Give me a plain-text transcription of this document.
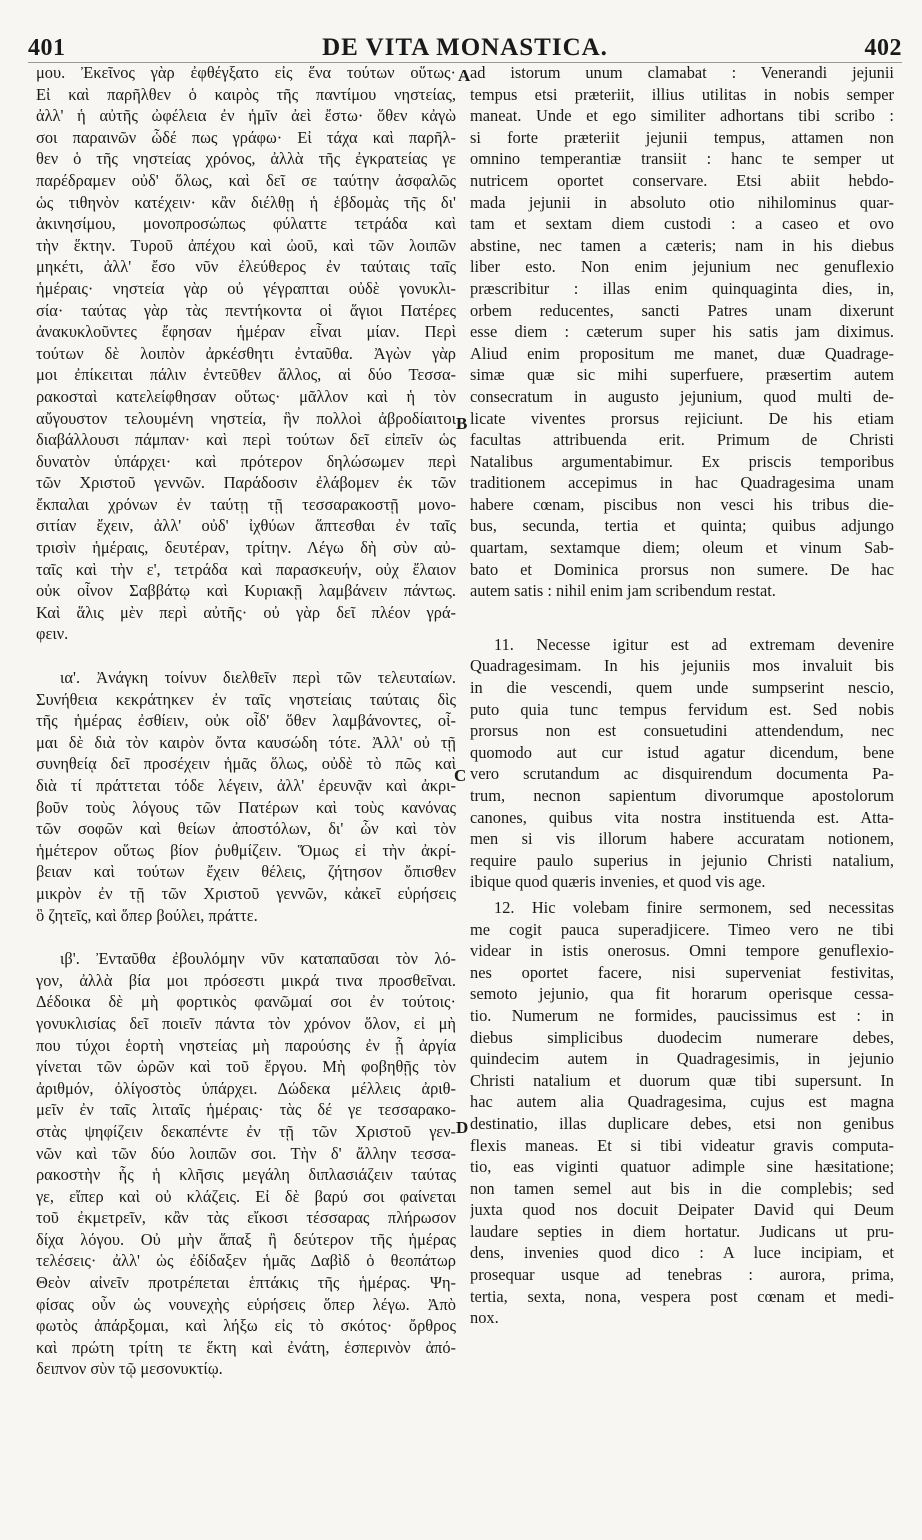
401	DE VITA MONASTICA.	402
μου. Ἐκεῖνος γὰρ ἐφθέγξατο εἰς ἕνα τούτων οὕτως·
Εἰ καὶ παρῆλθεν ὁ καιρὸς τῆς παντίμου νηστείας,
ἀλλ' ἡ αὐτῆς ὠφέλεια ἐν ἡμῖν ἀεὶ ἔστω· ὅθεν κἀγὼ
σοι παραινῶν ὧδέ πως γράφω· Εἰ τάχα καὶ παρῆλ-
θεν ὁ τῆς νηστείας χρόνος, ἀλλὰ τῆς ἐγκρατείας γε
παρέδραμεν οὐδ' ὅλως, καὶ δεῖ σε ταύτην ἀσφαλῶς
ὡς τιθηνὸν κατέχειν· κἂν διέλθῃ ἡ ἑβδομὰς τῆς δι'
ἀκινησίμου, μονοπροσώπως φύλαττε τετράδα καὶ
τὴν ἕκτην. Τυροῦ ἀπέχου καὶ ὠοῦ, καὶ τῶν λοιπῶν
μηκέτι, ἀλλ' ἔσο νῦν ἐλεύθερος ἐν ταύταις ταῖς
ἡμέραις· νηστεία γὰρ οὐ γέγραπται οὐδὲ γονυκλι-
σία· ταύτας γὰρ τὰς πεντήκοντα οἱ ἅγιοι Πατέρες
ἀνακυκλοῦντες ἔφησαν ἡμέραν εἶναι μίαν. Περὶ
τούτων δὲ λοιπὸν ἀρκέσθητι ἐνταῦθα. Ἀγὼν γὰρ
μοι ἐπίκειται πάλιν ἐντεῦθεν ἄλλος, αἱ δύο Τεσσα-
ρακοσταὶ κατελείφθησαν οὕτως· μᾶλλον καὶ ἡ τὸν
αὔγουστον τελουμένη νηστεία, ἣν πολλοὶ ἀβροδίαιτοι
διαβάλλουσι πάμπαν· καὶ περὶ τούτων δεῖ εἰπεῖν ὡς
δυνατὸν ὑπάρχει· καὶ πρότερον δηλώσωμεν περὶ
τῶν Χριστοῦ γεννῶν. Παράδοσιν ἐλάβομεν ἐκ τῶν
ἔκπαλαι χρόνων ἐν ταύτῃ τῇ τεσσαρακοστῇ μονο-
σιτίαν ἔχειν, ἀλλ' οὐδ' ἰχθύων ἅπτεσθαι ἐν ταῖς
τρισὶν ἡμέραις, δευτέραν, τρίτην. Λέγω δὴ σὺν αὐ-
ταῖς καὶ τὴν ε', τετράδα καὶ παρασκευήν, οὐχ ἔλαιον
οὐκ οἶνον Σαββάτῳ καὶ Κυριακῇ λαμβάνειν πάντως.
Καὶ ἅλις μὲν περὶ αὐτῆς· οὐ γὰρ δεῖ πλέον γρά-
φειν.
ια'. Ἀνάγκη τοίνυν διελθεῖν περὶ τῶν τελευταίων.
Συνήθεια κεκράτηκεν ἐν ταῖς νηστείαις ταύταις δὶς
τῆς ἡμέρας ἐσθίειν, οὐκ οἶδ' ὅθεν λαμβάνοντες, οἶ-
μαι δὲ διὰ τὸν καιρὸν ὄντα καυσώδη τότε. Ἀλλ' οὐ τῇ
συνηθείᾳ δεῖ προσέχειν ἡμᾶς ὅλως, οὐδὲ τὸ πῶς καὶ
διὰ τί πράττεται τόδε λέγειν, ἀλλ' ἐρευνᾷν καὶ ἀκρι-
βοῦν τοὺς λόγους τῶν Πατέρων καὶ τοὺς κανόνας
τῶν σοφῶν καὶ θείων ἀποστόλων, δι' ὧν καὶ τὸν
ἡμέτερον οὕτως βίον ῥυθμίζειν. Ὅμως εἰ τὴν ἀκρί-
βειαν καὶ τούτων ἔχειν θέλεις, ζήτησον ὄπισθεν
μικρὸν ἐν τῇ τῶν Χριστοῦ γεννῶν, κἀκεῖ εὑρήσεις
ὃ ζητεῖς, καὶ ὅπερ βούλει, πράττε.
ιβ'. Ἐνταῦθα ἐβουλόμην νῦν καταπαῦσαι τὸν λό-
γον, ἀλλὰ βία μοι πρόσεστι μικρά τινα προσθεῖναι.
Δέδοικα δὲ μὴ φορτικὸς φανῶμαί σοι ἐν τούτοις·
γονυκλισίας δεῖ ποιεῖν πάντα τὸν χρόνον ὅλον, εἰ μὴ
που τύχοι ἑορτὴ νηστείας μὴ παρούσης ἐν ᾗ ἀργία
γίνεται τῶν ὡρῶν καὶ τοῦ ἔργου. Μὴ φοβηθῇς τὸν
ἀριθμόν, ὀλίγοστὸς ὑπάρχει. Δώδεκα μέλλεις ἀριθ-
μεῖν ἐν ταῖς λιταῖς ἡμέραις· τὰς δέ γε τεσσαρακο-
στὰς ψηφίζειν δεκαπέντε ἐν τῇ τῶν Χριστοῦ γεν-
νῶν καὶ τῶν δύο λοιπῶν σοι. Τὴν δ' ἄλλην τεσσα-
ρακοστὴν ἧς ἡ κλῆσις μεγάλη διπλασιάζειν ταύτας
γε, εἴπερ καὶ οὐ κλάζεις. Εἰ δὲ βαρύ σοι φαίνεται
τοῦ ἐκμετρεῖν, κἂν τὰς εἴκοσι τέσσαρας πλήρωσον
δίχα λόγου. Οὐ μὴν ἅπαξ ἢ δεύτερον τῆς ἡμέρας
τελέσεις· ἀλλ' ὡς ἐδίδαξεν ἡμᾶς Δαβὶδ ὁ θεοπάτωρ
Θεὸν αἰνεῖν προτρέπεται ἑπτάκις τῆς ἡμέρας. Ψη-
φίσας οὖν ὡς νουνεχὴς εὑρήσεις ὅπερ λέγω. Ἀπὸ
φωτὸς ἀπάρξομαι, καὶ λήξω εἰς τὸ σκότος· ὄρθρος
καὶ πρώτη τρίτη τε ἕκτη καὶ ἐνάτη, ἑσπερινὸν ἀπό-
δειπνον σὺν τῷ μεσονυκτίῳ.
ad istorum unum clamabat : Venerandi jejunii
tempus etsi præteriit, illius utilitas in nobis semper
maneat. Unde et ego similiter adhortans tibi scribo :
si forte præteriit jejunii tempus, attamen non
omnino temperantiæ transiit : hanc te semper ut
nutricem oportet conservare. Etsi abiit hebdo-
mada jejunii in absoluto otio nihilominus quar-
tam et sextam diem custodi : a caseo et ovo
abstine, nec tamen a cæteris; nam in his diebus
liber esto. Non enim jejunium nec genuflexio
præscribitur : illas enim quinquaginta dies, in,
orbem reducentes, sancti Patres unam dixerunt
esse diem : cæterum super his satis jam diximus.
Aliud enim propositum me manet, duæ Quadrage-
simæ quæ sic mihi superfuere, præsertim autem
consecratum in augusto jejunium, quod multi de-
licate viventes prorsus rejiciunt. De his etiam
facultas attribuenda erit. Primum de Christi
Natalibus argumentabimur. Ex priscis temporibus
traditionem accepimus in hac Quadragesima unam
habere cœnam, piscibus non vesci his tribus die-
bus, secunda, tertia et quinta; quibus adjungo
quartam, sextamque diem; oleum et vinum Sab-
bato et Dominica prorsus non sumere. De hac
autem satis : nihil enim jam scribendum restat.
11. Necesse igitur est ad extremam devenire
Quadragesimam. In his jejuniis mos invaluit bis
in die vescendi, quem unde sumpserint nescio,
puto quia tunc tempus fervidum est. Sed nobis
prorsus non est consuetudini attendendum, nec
quomodo aut cur istud agatur dicendum, bene
vero scrutandum ac disquirendum documenta Pa-
trum, necnon sapientum divorumque apostolorum
canones, quibus vita nostra instituenda est. Atta-
men si vis illorum habere accuratam notionem,
require paulo superius in jejunio Christi natalium,
ibique quod quæris invenies, et quod vis age.
12. Hic volebam finire sermonem, sed necessitas
me cogit pauca superadjicere. Timeo vero ne tibi
videar in istis onerosus. Omni tempore genuflexio-
nes oportet facere, nisi superveniat festivitas,
semoto jejunio, qua fit horarum operisque cessa-
tio. Numerum ne formides, paucissimus est : in
diebus simplicibus duodecim numerare debes,
quindecim autem in Quadragesimis, in jejunio
Christi natalium et duorum quæ tibi supersunt. In
hac autem alia Quadragesima, cujus est magna
destinatio, illas duplicare debes, etsi non genibus
flexis maneas. Et si tibi videatur gravis computa-
tio, eas viginti quatuor adimple sine hæsitatione;
non tamen semel aut bis in die complebis; sed
juxta quod nos docuit Deipater David qui Deum
laudare septies in diem hortatur. Judicans ut pru-
dens, invenies quod dico : A luce incipiam, et
prosequar usque ad tenebras : aurora, prima,
tertia, sexta, nona, vespera post cœnam et medi-
nox.
A
B
C
D
